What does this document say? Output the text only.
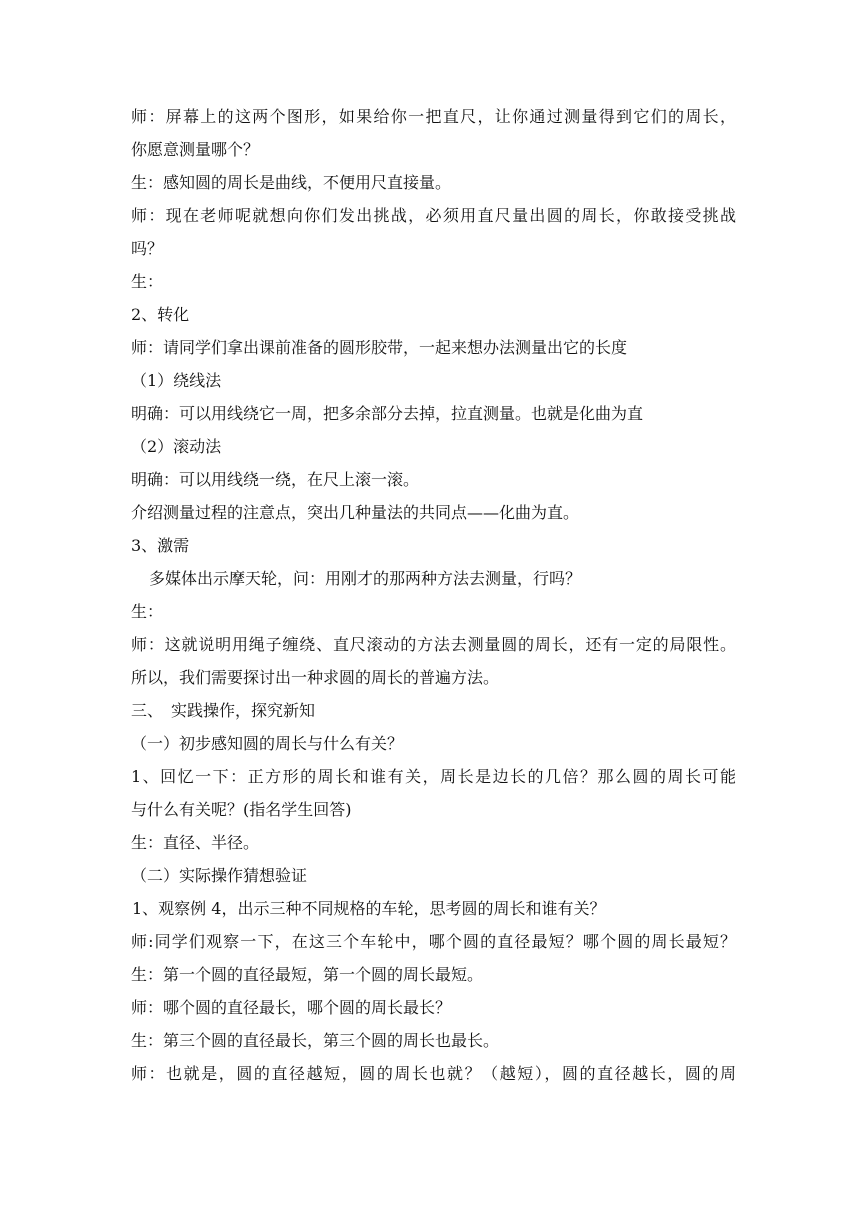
师：屏幕上的这两个图形，如果给你一把直尺，让你通过测量得到它们的周长，
你愿意测量哪个？
生：感知圆的周长是曲线，不便用尺直接量。
师：现在老师呢就想向你们发出挑战，必须用直尺量出圆的周长，你敢接受挑战
吗？
生：
2、转化
师：请同学们拿出课前准备的圆形胶带，一起来想办法测量出它的长度
（1）绕线法
明确：可以用线绕它一周，把多余部分去掉，拉直测量。也就是化曲为直
（2）滚动法
明确：可以用线绕一绕，在尺上滚一滚。
介绍测量过程的注意点，突出几种量法的共同点——化曲为直。
3、激需
多媒体出示摩天轮，问：用刚才的那两种方法去测量，行吗？
生：
师：这就说明用绳子缠绕、直尺滚动的方法去测量圆的周长，还有一定的局限性。
所以，我们需要探讨出一种求圆的周长的普遍方法。
三、　实践操作，探究新知
（一）初步感知圆的周长与什么有关？
1、回忆一下：正方形的周长和谁有关，周长是边长的几倍？那么圆的周长可能
与什么有关呢？(指名学生回答)
生：直径、半径。
（二）实际操作猜想验证
1、观察例 4，出示三种不同规格的车轮，思考圆的周长和谁有关？
师:同学们观察一下，在这三个车轮中，哪个圆的直径最短？哪个圆的周长最短？
生：第一个圆的直径最短，第一个圆的周长最短。
师：哪个圆的直径最长，哪个圆的周长最长？
生：第三个圆的直径最长，第三个圆的周长也最长。
师：也就是，圆的直径越短，圆的周长也就？（越短），圆的直径越长，圆的周
